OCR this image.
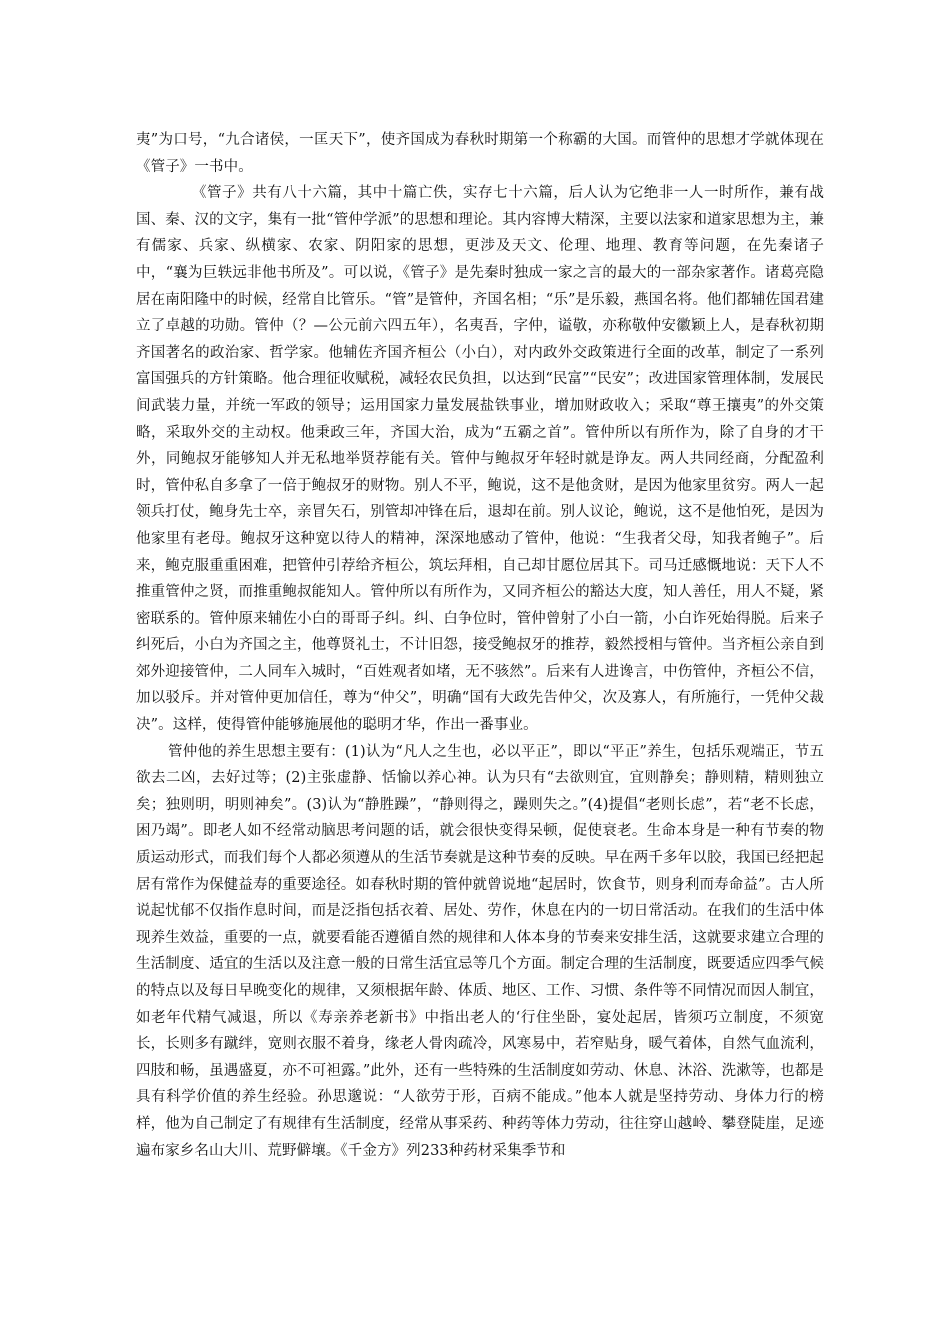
夷”为口号，“九合诸侯，一匡天下”，使齐国成为春秋时期第一个称霸的大国。而管仲的思想才学就体现在《管子》一书中。

《管子》共有八十六篇，其中十篇亡佚，实存七十六篇，后人认为它绝非一人一时所作，兼有战国、秦、汉的文字，集有一批“管仲学派”的思想和理论。其内容博大精深，主要以法家和道家思想为主，兼有儒家、兵家、纵横家、农家、阴阳家的思想，更涉及天文、伦理、地理、教育等问题，在先秦诸子中，“襄为巨轶远非他书所及”。可以说，《管子》是先秦时独成一家之言的最大的一部杂家著作。诸葛亮隐居在南阳隆中的时候，经常自比管乐。“管”是管仲，齐国名相；“乐”是乐毅，燕国名将。他们都辅佐国君建立了卓越的功勋。管仲（？—公元前六四五年），名夷吾，字仲，谥敬，亦称敬仲安徽颖上人，是春秋初期齐国著名的政治家、哲学家。他辅佐齐国齐桓公（小白），对内政外交政策进行全面的改革，制定了一系列富国强兵的方针策略。他合理征收赋税，减轻农民负担，以达到“民富”“民安”；改进国家管理体制，发展民间武装力量，并统一军政的领导；运用国家力量发展盐铁事业，增加财政收入；采取“尊王攘夷”的外交策略，采取外交的主动权。他秉政三年，齐国大治，成为“五霸之首”。管仲所以有所作为，除了自身的才干外，同鲍叔牙能够知人并无私地举贤荐能有关。管仲与鲍叔牙年轻时就是诤友。两人共同经商，分配盈利时，管仲私自多拿了一倍于鲍叔牙的财物。别人不平，鲍说，这不是他贪财，是因为他家里贫穷。两人一起领兵打仗，鲍身先士卒，亲冒矢石，别管却冲锋在后，退却在前。别人议论，鲍说，这不是他怕死，是因为他家里有老母。鲍叔牙这种宽以待人的精神，深深地感动了管仲，他说：“生我者父母，知我者鲍子”。后来，鲍克服重重困难，把管仲引荐给齐桓公，筑坛拜相，自己却甘愿位居其下。司马迁感慨地说：天下人不推重管仲之贤，而推重鲍叔能知人。管仲所以有所作为，又同齐桓公的豁达大度，知人善任，用人不疑，紧密联系的。管仲原来辅佐小白的哥哥子纠。纠、白争位时，管仲曾射了小白一箭，小白诈死始得脱。后来子纠死后，小白为齐国之主，他尊贤礼士，不计旧怨，接受鲍叔牙的推荐，毅然授相与管仲。当齐桓公亲自到郊外迎接管仲，二人同车入城时，“百姓观者如堵，无不骇然”。后来有人进谗言，中伤管仲，齐桓公不信，加以驳斥。并对管仲更加信任，尊为“仲父”，明确“国有大政先告仲父，次及寡人，有所施行，一凭仲父裁决”。这样，使得管仲能够施展他的聪明才华，作出一番事业。

管仲他的养生思想主要有：(1)认为“凡人之生也，必以平正”，即以“平正”养生，包括乐观端正，节五欲去二凶，去好过等；(2)主张虚静、恬愉以养心神。认为只有“去欲则宜，宜则静矣；静则精，精则独立矣；独则明，明则神矣”。(3)认为“静胜躁”，“静则得之，躁则失之。”(4)提倡“老则长虑”，若“老不长虑，困乃竭”。即老人如不经常动脑思考问题的话，就会很快变得呆顿，促使衰老。生命本身是一种有节奏的物质运动形式，而我们每个人都必须遵从的生活节奏就是这种节奏的反映。早在两千多年以胶，我国已经把起居有常作为保健益寿的重要途径。如春秋时期的管仲就曾说地“起居时，饮食节，则身利而寿命益”。古人所说起忧郁不仅指作息时间，而是泛指包括衣着、居处、劳作，休息在内的一切日常活动。在我们的生活中体现养生效益，重要的一点，就要看能否遵循自然的规律和人体本身的节奏来安排生活，这就要求建立合理的生活制度、适宜的生活以及注意一般的日常生活宜忌等几个方面。制定合理的生活制度，既要适应四季气候的特点以及每日早晚变化的规律，又须根据年龄、体质、地区、工作、习惯、条件等不同情况而因人制宜，如老年代精气减退，所以《寿亲养老新书》中指出老人的‘行住坐卧，宴处起居，皆须巧立制度，不须宽长，长则多有蹴绊，宽则衣服不着身，缘老人骨肉疏冷，风寒易中，若窄贴身，暖气着体，自然气血流利，四肢和畅，虽遇盛夏，亦不可袒露。”此外，还有一些特殊的生活制度如劳动、休息、沐浴、洗漱等，也都是具有科学价值的养生经验。孙思邈说：“人欲劳于形，百病不能成。”他本人就是坚持劳动、身体力行的榜样，他为自己制定了有规律有生活制度，经常从事采药、种药等体力劳动，往往穿山越岭、攀登陡崖，足迹遍布家乡名山大川、荒野僻壤。《千金方》列233种药材采集季节和
